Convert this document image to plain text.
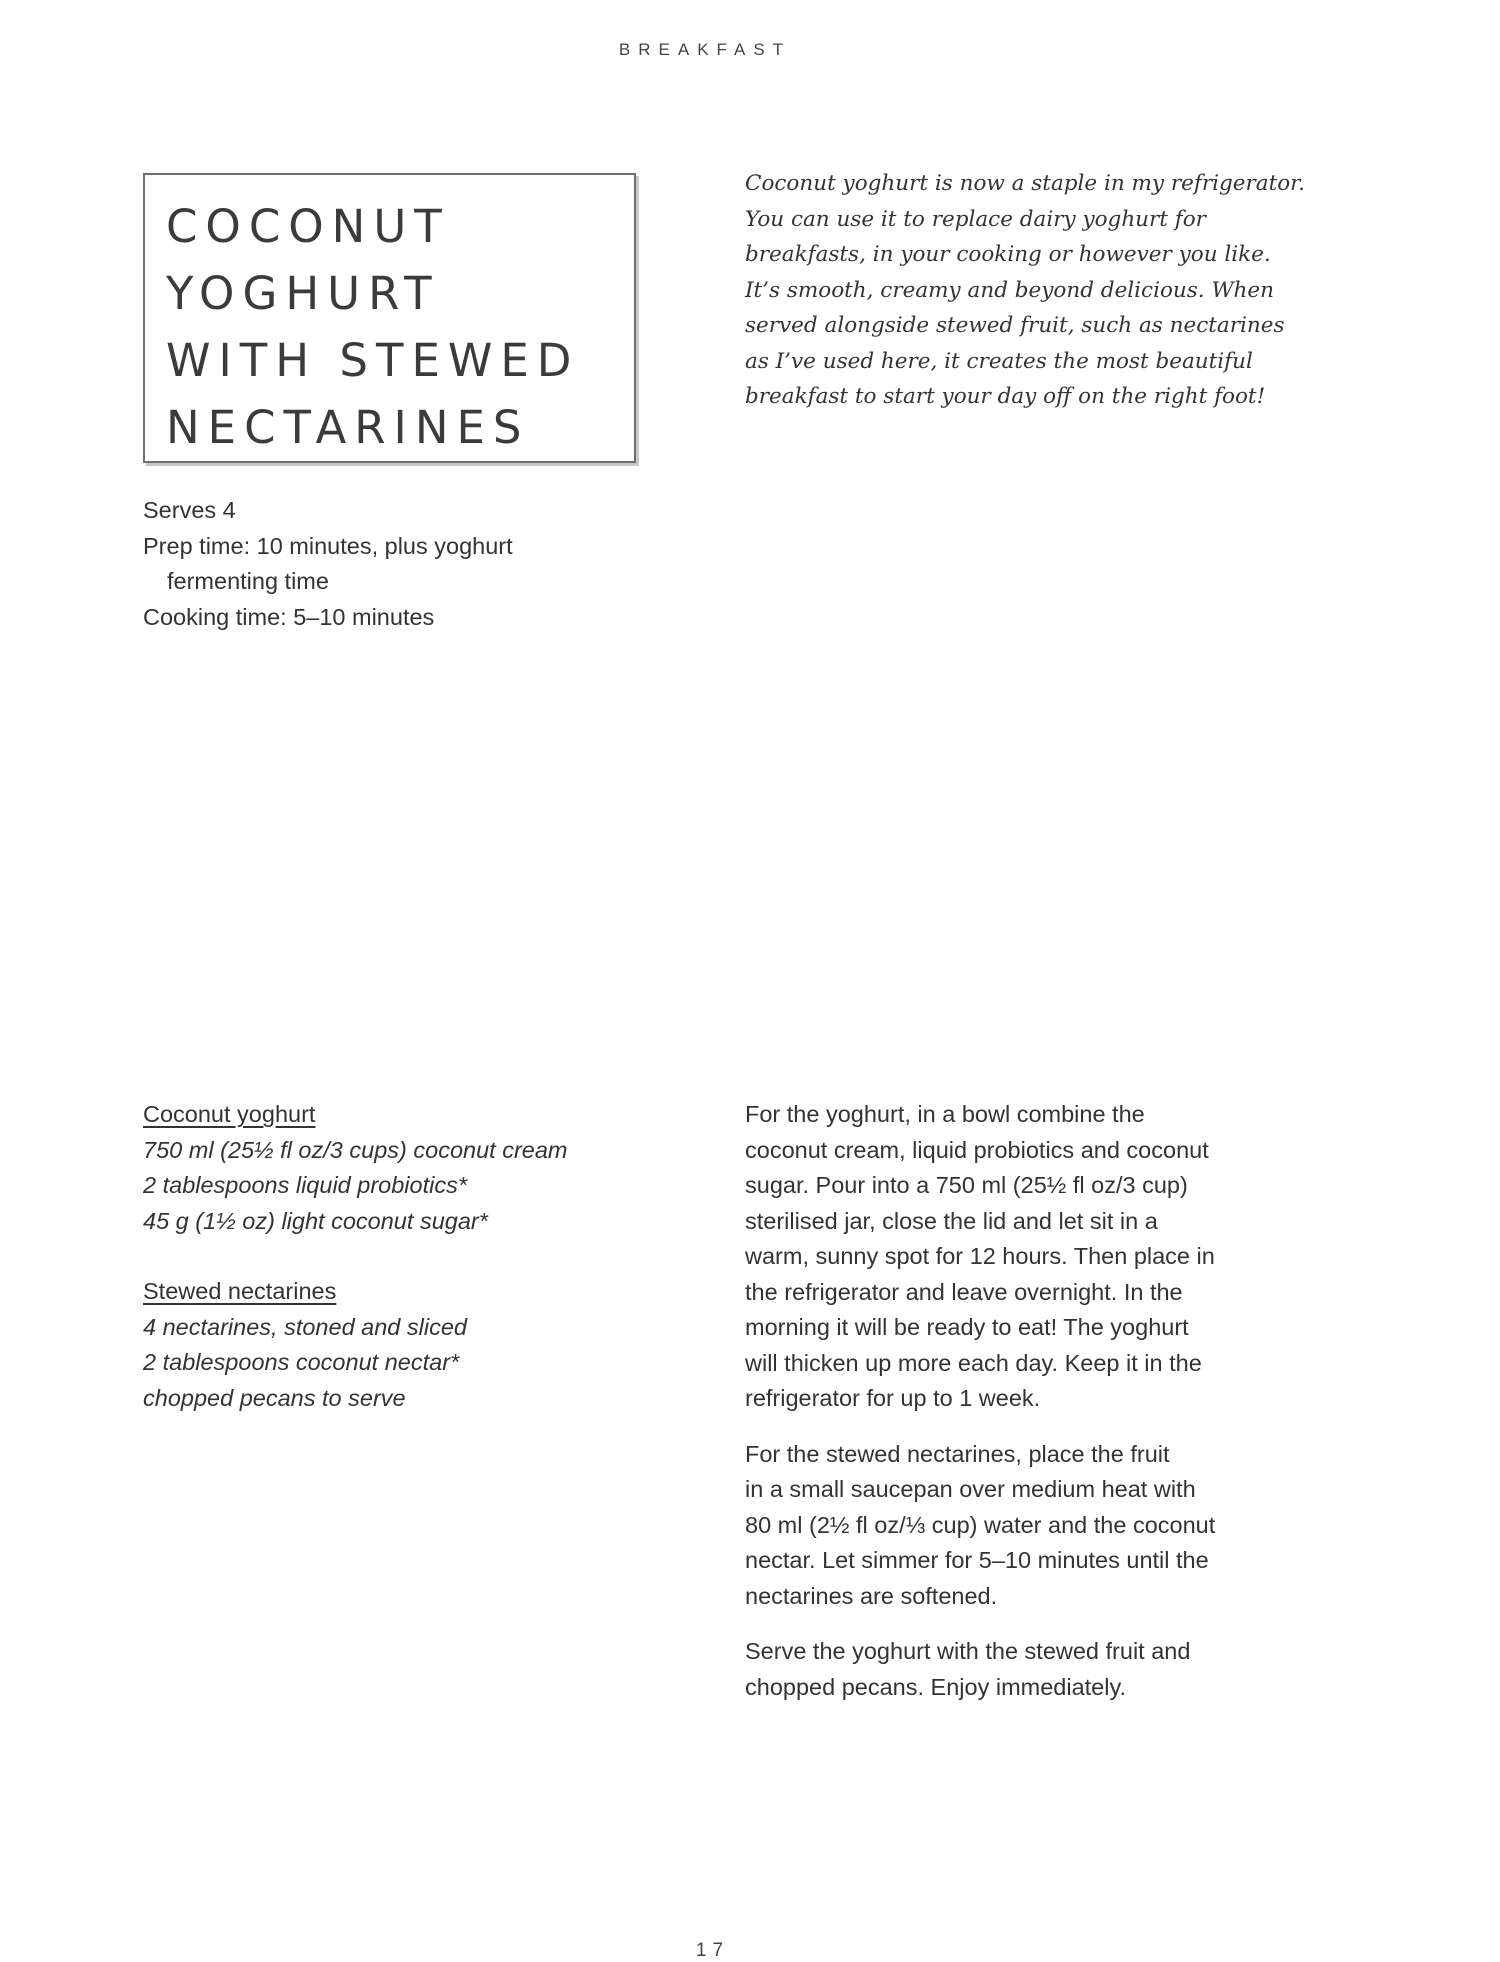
BREAKFAST
COCONUT
YOGHURT
WITH STEWED
NECTARINES
Coconut yoghurt is now a staple in my refrigerator.
You can use it to replace dairy yoghurt for
breakfasts, in your cooking or however you like.
It’s smooth, creamy and beyond delicious. When
served alongside stewed fruit, such as nectarines
as I’ve used here, it creates the most beautiful
breakfast to start your day off on the right foot!
Serves 4
Prep time: 10 minutes, plus yoghurt
fermenting time
Cooking time: 5–10 minutes
Coconut yoghurt
750 ml (25½ fl oz/3 cups) coconut cream
2 tablespoons liquid probiotics*
45 g (1½ oz) light coconut sugar*
Stewed nectarines
4 nectarines, stoned and sliced
2 tablespoons coconut nectar*
chopped pecans to serve

For the yoghurt, in a bowl combine the
coconut cream, liquid probiotics and coconut
sugar. Pour into a 750 ml (25½ fl oz/3 cup)
sterilised jar, close the lid and let sit in a
warm, sunny spot for 12 hours. Then place in
the refrigerator and leave overnight. In the
morning it will be ready to eat! The yoghurt
will thicken up more each day. Keep it in the
refrigerator for up to 1 week.

For the stewed nectarines, place the fruit
in a small saucepan over medium heat with
80 ml (2½ fl oz/⅓ cup) water and the coconut
nectar. Let simmer for 5–10 minutes until the
nectarines are softened.

Serve the yoghurt with the stewed fruit and
chopped pecans. Enjoy immediately.

17
